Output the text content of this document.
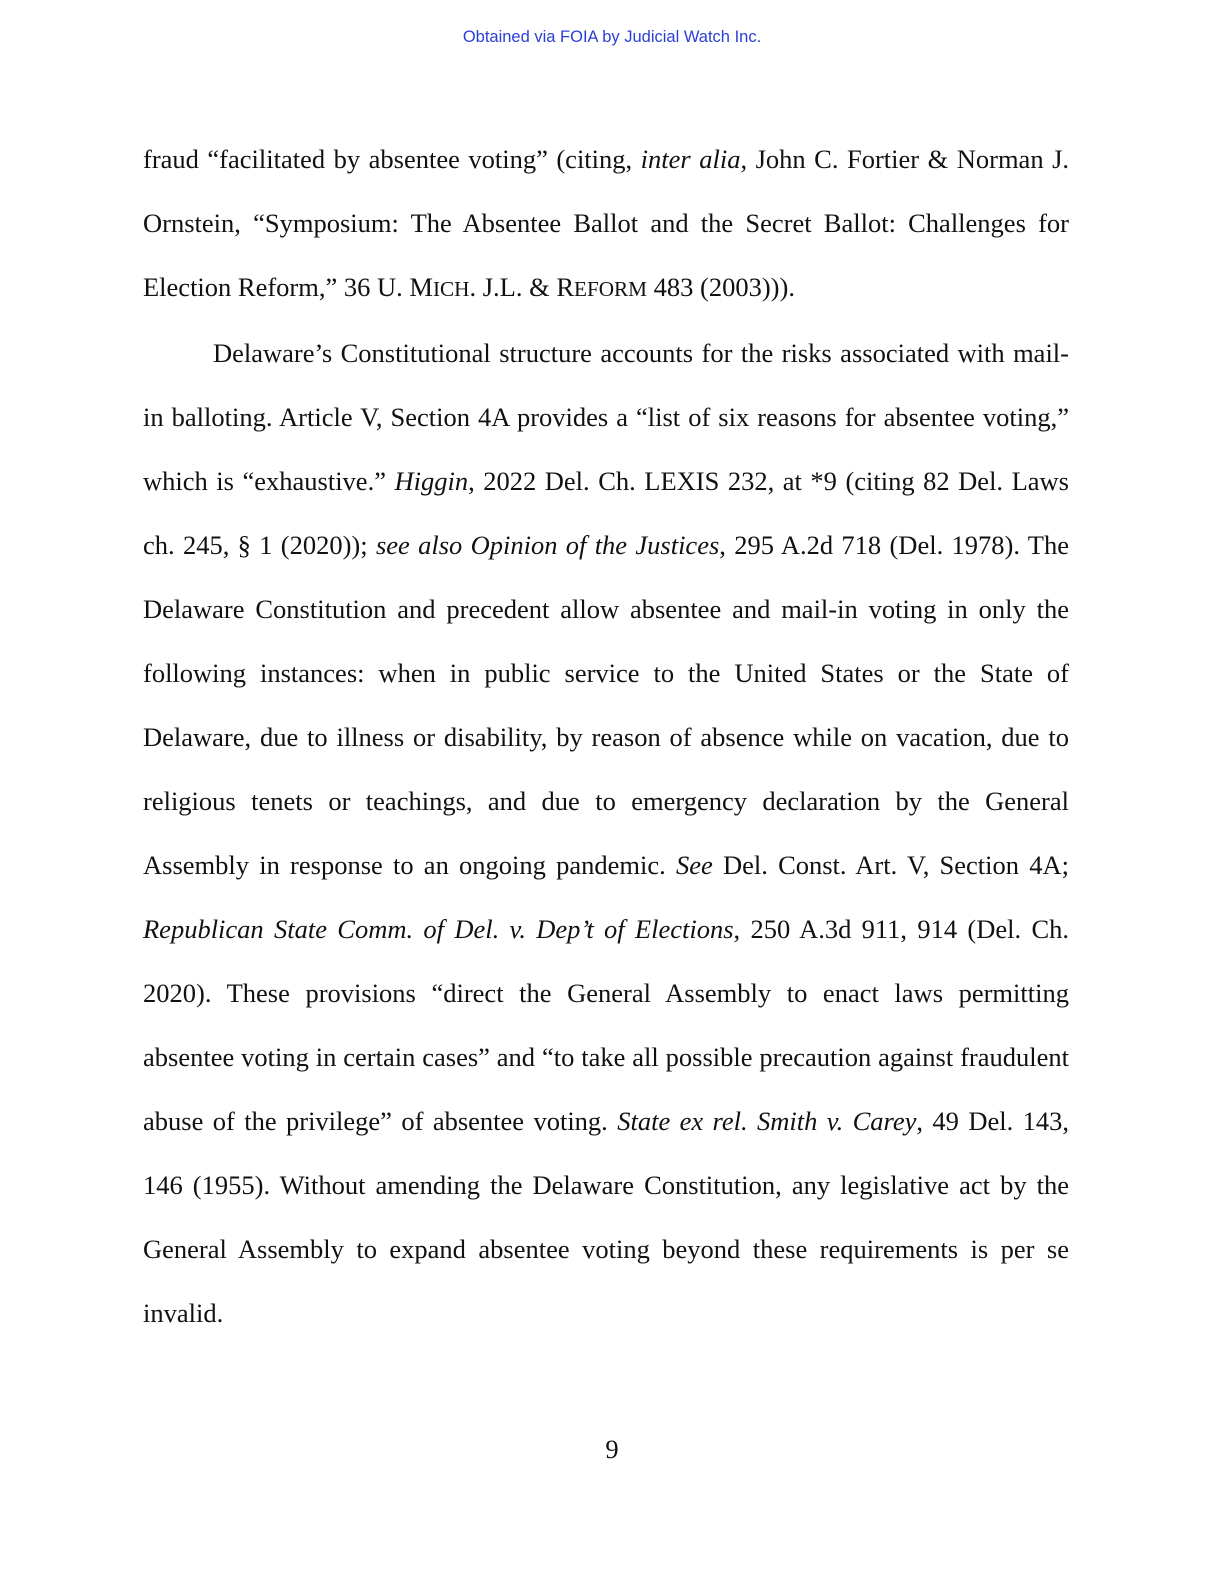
Obtained via FOIA by Judicial Watch Inc.

fraud “facilitated by absentee voting” (citing, inter alia, John C. Fortier & Norman J. Ornstein, “Symposium: The Absentee Ballot and the Secret Ballot: Challenges for Election Reform,” 36 U. MICH. J.L. & REFORM 483 (2003))).

Delaware’s Constitutional structure accounts for the risks associated with mail-in balloting. Article V, Section 4A provides a “list of six reasons for absentee voting,” which is “exhaustive.” Higgin, 2022 Del. Ch. LEXIS 232, at *9 (citing 82 Del. Laws ch. 245, § 1 (2020)); see also Opinion of the Justices, 295 A.2d 718 (Del. 1978). The Delaware Constitution and precedent allow absentee and mail-in voting in only the following instances: when in public service to the United States or the State of Delaware, due to illness or disability, by reason of absence while on vacation, due to religious tenets or teachings, and due to emergency declaration by the General Assembly in response to an ongoing pandemic. See Del. Const. Art. V, Section 4A; Republican State Comm. of Del. v. Dep’t of Elections, 250 A.3d 911, 914 (Del. Ch. 2020). These provisions “direct the General Assembly to enact laws permitting absentee voting in certain cases” and “to take all possible precaution against fraudulent abuse of the privilege” of absentee voting. State ex rel. Smith v. Carey, 49 Del. 143, 146 (1955). Without amending the Delaware Constitution, any legislative act by the General Assembly to expand absentee voting beyond these requirements is per se invalid.

9
